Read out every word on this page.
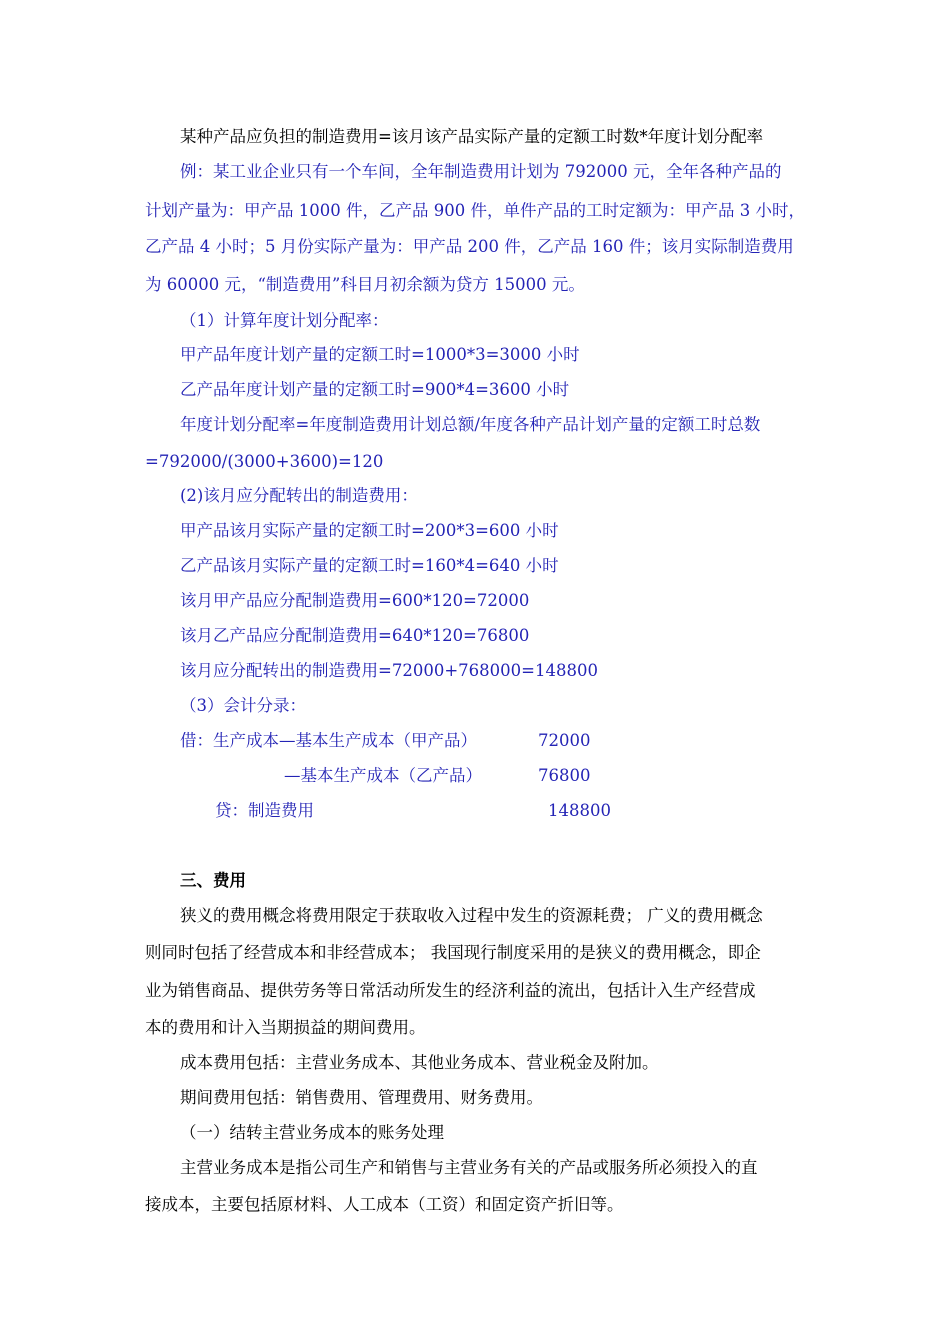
某种产品应负担的制造费用=该月该产品实际产量的定额工时数*年度计划分配率
例：某工业企业只有一个车间，全年制造费用计划为 792000 元，全年各种产品的
计划产量为：甲产品 1000 件，乙产品 900 件，单件产品的工时定额为：甲产品 3 小时，
乙产品 4 小时；5 月份实际产量为：甲产品 200 件，乙产品 160 件；该月实际制造费用
为 60000 元，“制造费用”科目月初余额为贷方 15000 元。
（1）计算年度计划分配率：
甲产品年度计划产量的定额工时=1000*3=3000 小时
乙产品年度计划产量的定额工时=900*4=3600 小时
年度计划分配率=年度制造费用计划总额/年度各种产品计划产量的定额工时总数
=792000/(3000+3600)=120
(2)该月应分配转出的制造费用：
甲产品该月实际产量的定额工时=200*3=600 小时
乙产品该月实际产量的定额工时=160*4=640 小时
该月甲产品应分配制造费用=600*120=72000
该月乙产品应分配制造费用=640*120=76800
该月应分配转出的制造费用=72000+768000=148800
（3）会计分录：
借：生产成本—基本生产成本（甲产品）	72000
—基本生产成本（乙产品）	76800
贷：制造费用	148800
三、费用
狭义的费用概念将费用限定于获取收入过程中发生的资源耗费； 广义的费用概念
则同时包括了经营成本和非经营成本； 我国现行制度采用的是狭义的费用概念，即企
业为销售商品、提供劳务等日常活动所发生的经济利益的流出，包括计入生产经营成
本的费用和计入当期损益的期间费用。
成本费用包括：主营业务成本、其他业务成本、营业税金及附加。
期间费用包括：销售费用、管理费用、财务费用。
（一）结转主营业务成本的账务处理
主营业务成本是指公司生产和销售与主营业务有关的产品或服务所必须投入的直
接成本，主要包括原材料、人工成本（工资）和固定资产折旧等。
